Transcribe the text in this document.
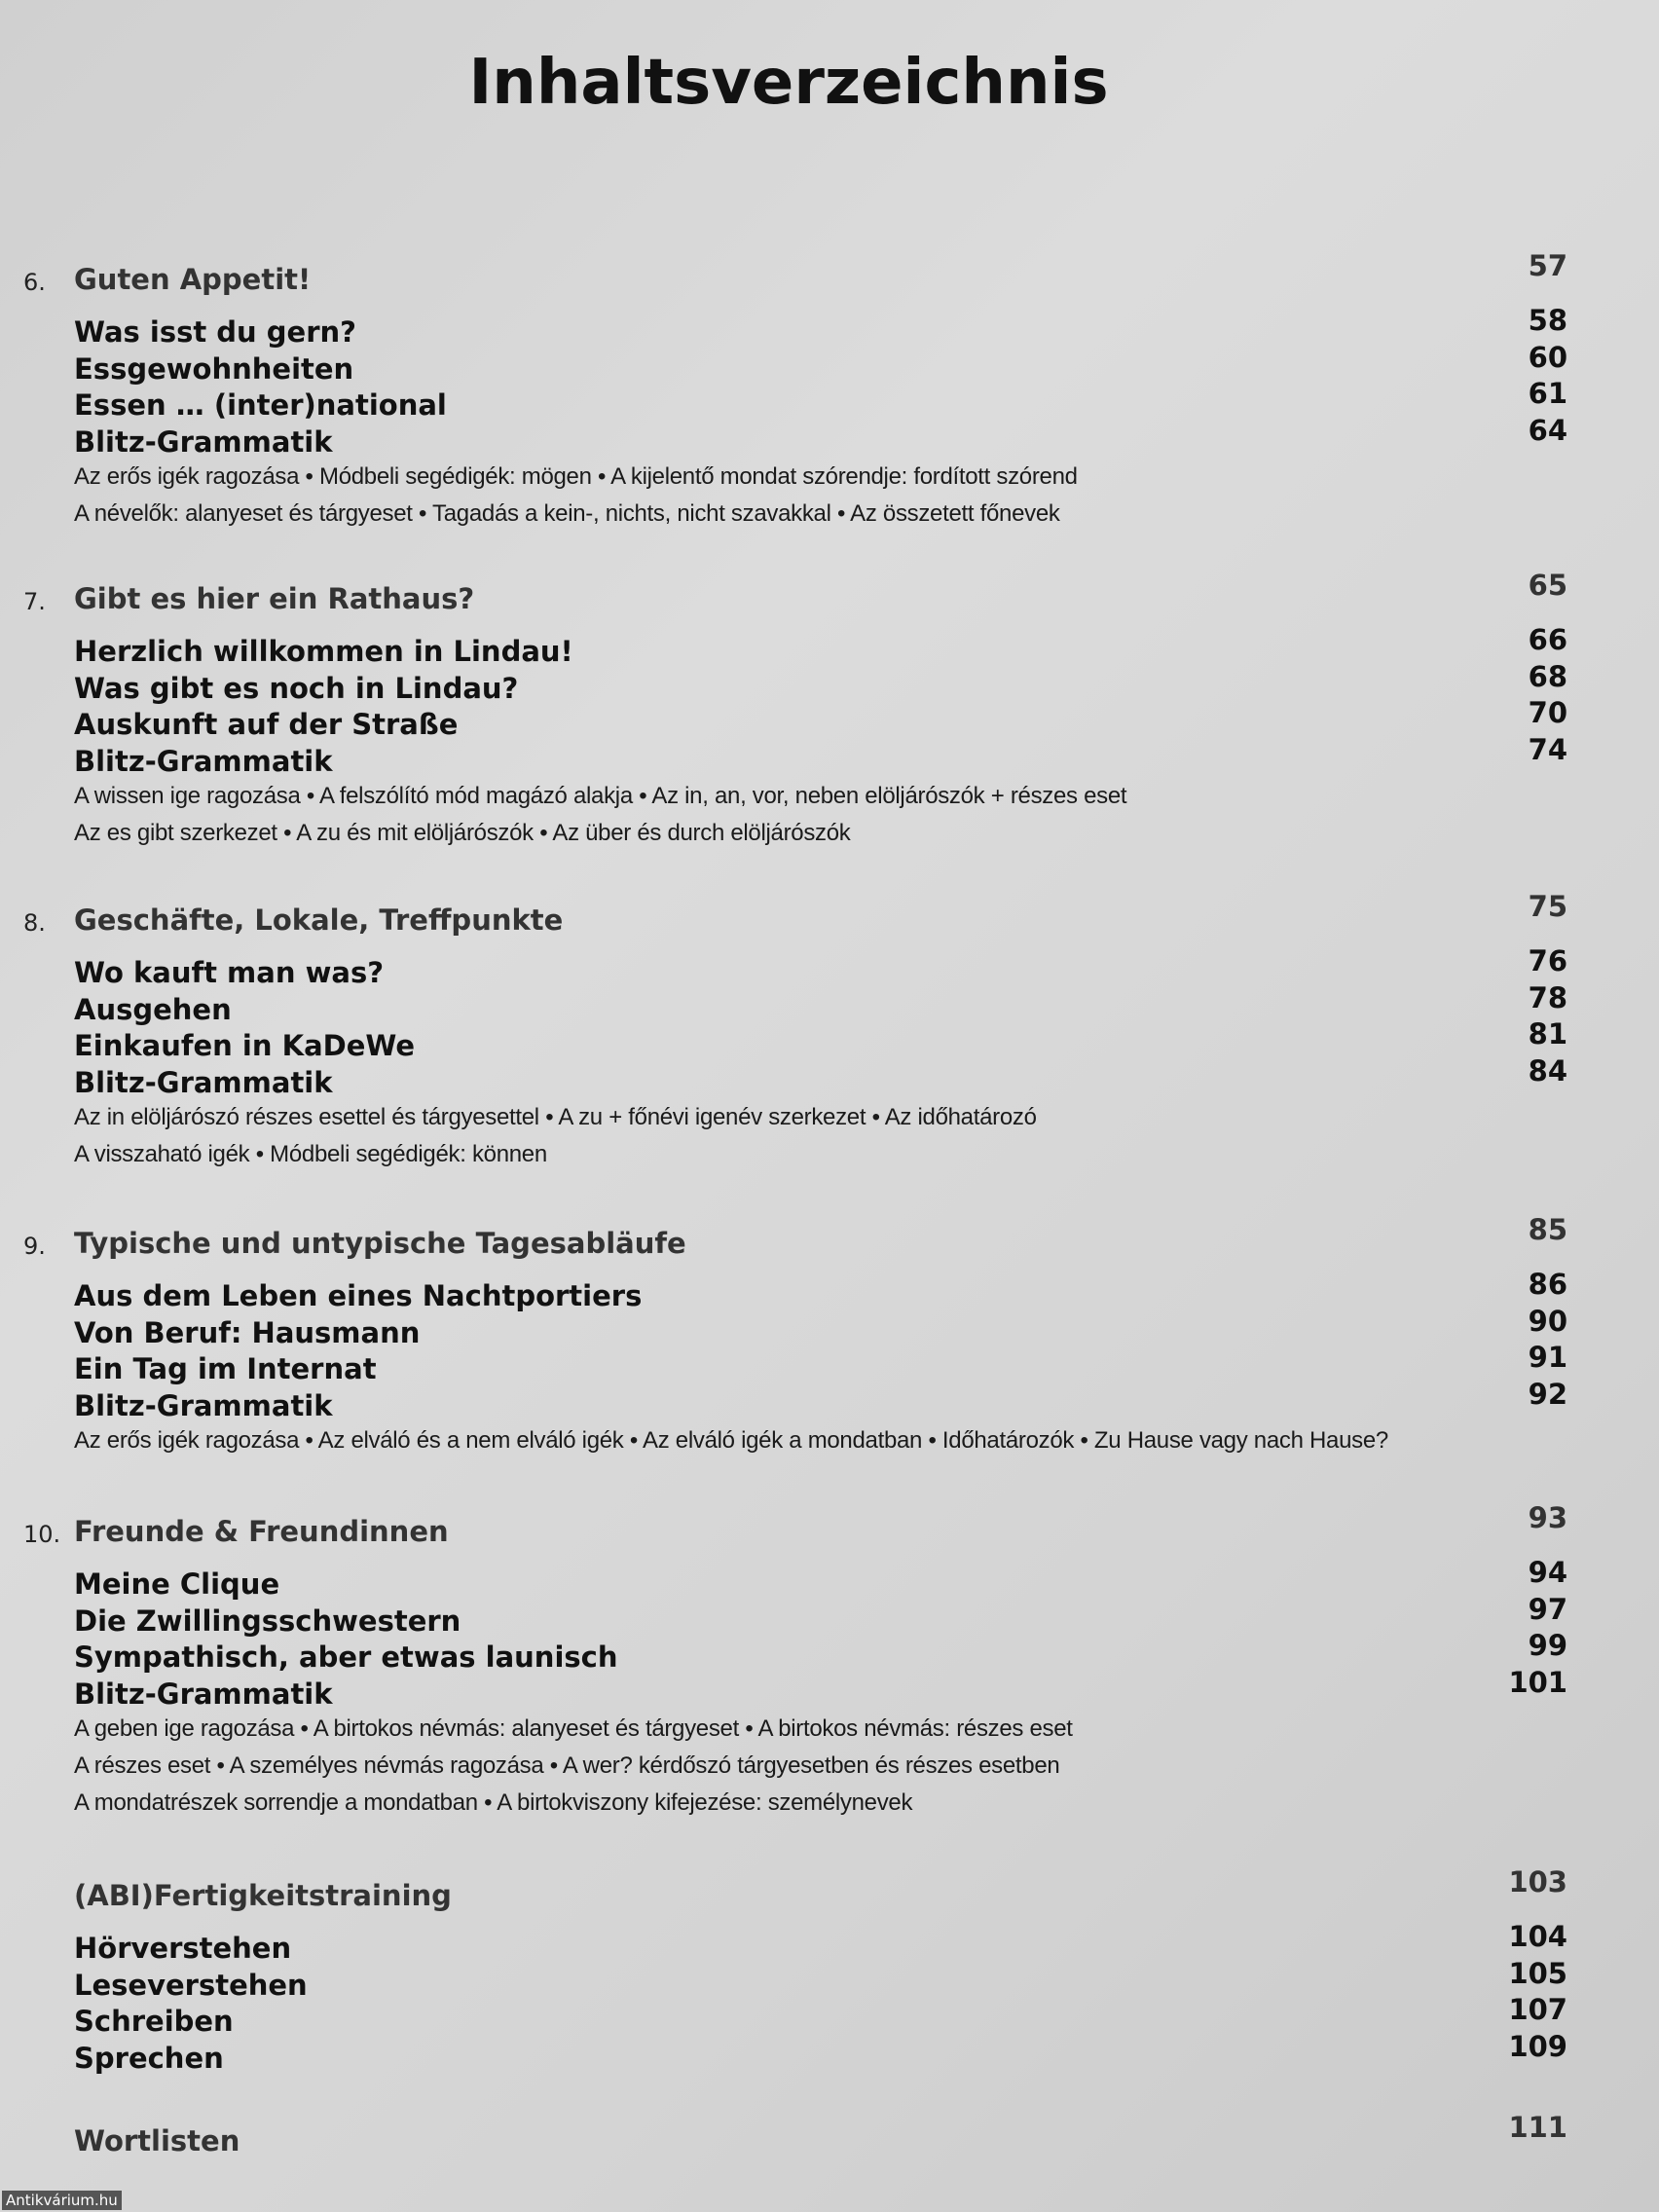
Inhaltsverzeichnis
6. Guten Appetit!	57
Was isst du gern?	58
Essgewohnheiten	60
Essen … (inter)national	61
Blitz-Grammatik	64
Az erős igék ragozása • Módbeli segédigék: mögen • A kijelentő mondat szórendje: fordított szórend
A névelők: alanyeset és tárgyeset • Tagadás a kein-, nichts, nicht szavakkal • Az összetett főnevek
7. Gibt es hier ein Rathaus?	65
Herzlich willkommen in Lindau!	66
Was gibt es noch in Lindau?	68
Auskunft auf der Straße	70
Blitz-Grammatik	74
A wissen ige ragozása • A felszólító mód magázó alakja • Az in, an, vor, neben elöljárószók + részes eset
Az es gibt szerkezet • A zu és mit elöljárószók • Az über és durch elöljárószók
8. Geschäfte, Lokale, Treffpunkte	75
Wo kauft man was?	76
Ausgehen	78
Einkaufen in KaDeWe	81
Blitz-Grammatik	84
Az in elöljárószó részes esettel és tárgyesettel • A zu + főnévi igenév szerkezet • Az időhatározó
A visszaható igék • Módbeli segédigék: können
9. Typische und untypische Tagesabläufe	85
Aus dem Leben eines Nachtportiers	86
Von Beruf: Hausmann	90
Ein Tag im Internat	91
Blitz-Grammatik	92
Az erős igék ragozása • Az elváló és a nem elváló igék • Az elváló igék a mondatban • Időhatározók • Zu Hause vagy nach Hause?
10. Freunde & Freundinnen	93
Meine Clique	94
Die Zwillingsschwestern	97
Sympathisch, aber etwas launisch	99
Blitz-Grammatik	101
A geben ige ragozása • A birtokos névmás: alanyeset és tárgyeset • A birtokos névmás: részes eset
A részes eset • A személyes névmás ragozása • A wer? kérdőszó tárgyesetben és részes esetben
A mondatrészek sorrendje a mondatban • A birtokviszony kifejezése: személynevek
(ABI)Fertigkeitstraining	103
Hörverstehen	104
Leseverstehen	105
Schreiben	107
Sprechen	109
Wortlisten	111
Antikvárium.hu
